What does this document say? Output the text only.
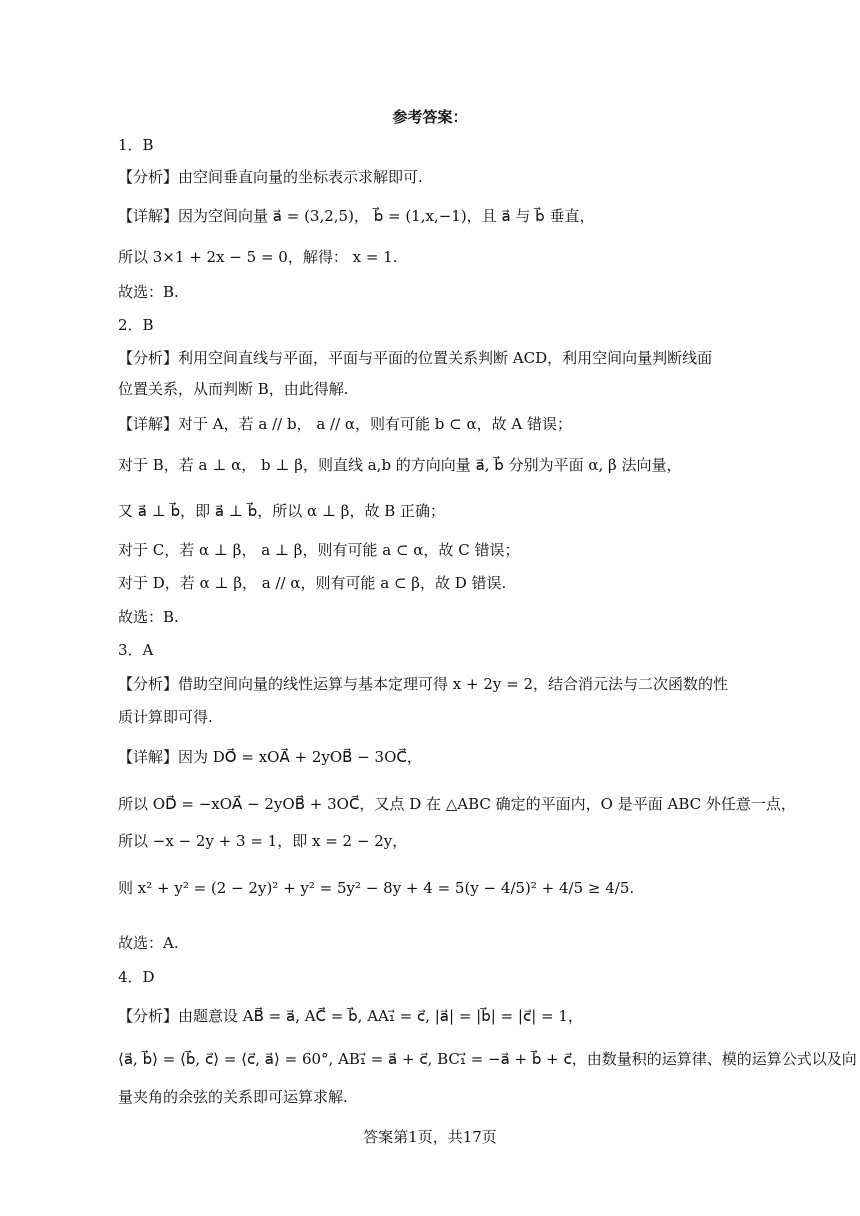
参考答案：
1．B
【分析】由空间垂直向量的坐标表示求解即可.
【详解】因为空间向量 a⃗ = (3,2,5)， b⃗ = (1,x,−1)，且 a⃗ 与 b⃗ 垂直，
所以 3×1 + 2x − 5 = 0，解得： x = 1.
故选：B.
2．B
【分析】利用空间直线与平面，平面与平面的位置关系判断 ACD，利用空间向量判断线面
位置关系，从而判断 B，由此得解.
【详解】对于 A，若 a // b， a // α，则有可能 b ⊂ α，故 A 错误；
对于 B，若 a ⊥ α， b ⊥ β，则直线 a,b 的方向向量 a⃗, b⃗ 分别为平面 α, β 法向量，
又 a⃗ ⊥ b⃗，即 a⃗ ⊥ b⃗，所以 α ⊥ β，故 B 正确；
对于 C，若 α ⊥ β， a ⊥ β，则有可能 a ⊂ α，故 C 错误；
对于 D，若 α ⊥ β， a // α，则有可能 a ⊂ β，故 D 错误.
故选：B.
3．A
【分析】借助空间向量的线性运算与基本定理可得 x + 2y = 2，结合消元法与二次函数的性
质计算即可得.
【详解】因为 DO⃗ = xOA⃗ + 2yOB⃗ − 3OC⃗，
所以 OD⃗ = −xOA⃗ − 2yOB⃗ + 3OC⃗，又点 D 在 △ABC 确定的平面内，O 是平面 ABC 外任意一点，
所以 −x − 2y + 3 = 1，即 x = 2 − 2y，
则 x² + y² = (2 − 2y)² + y² = 5y² − 8y + 4 = 5(y − 4/5)² + 4/5 ≥ 4/5.
故选：A.
4．D
【分析】由题意设 AB⃗ = a⃗, AC⃗ = b⃗, AA₁⃗ = c⃗, |a⃗| = |b⃗| = |c⃗| = 1，
⟨a⃗, b⃗⟩ = ⟨b⃗, c⃗⟩ = ⟨c⃗, a⃗⟩ = 60°, AB₁⃗ = a⃗ + c⃗, BC₁⃗ = −a⃗ + b⃗ + c⃗，由数量积的运算律、模的运算公式以及向
量夹角的余弦的关系即可运算求解.
答案第1页，共17页
